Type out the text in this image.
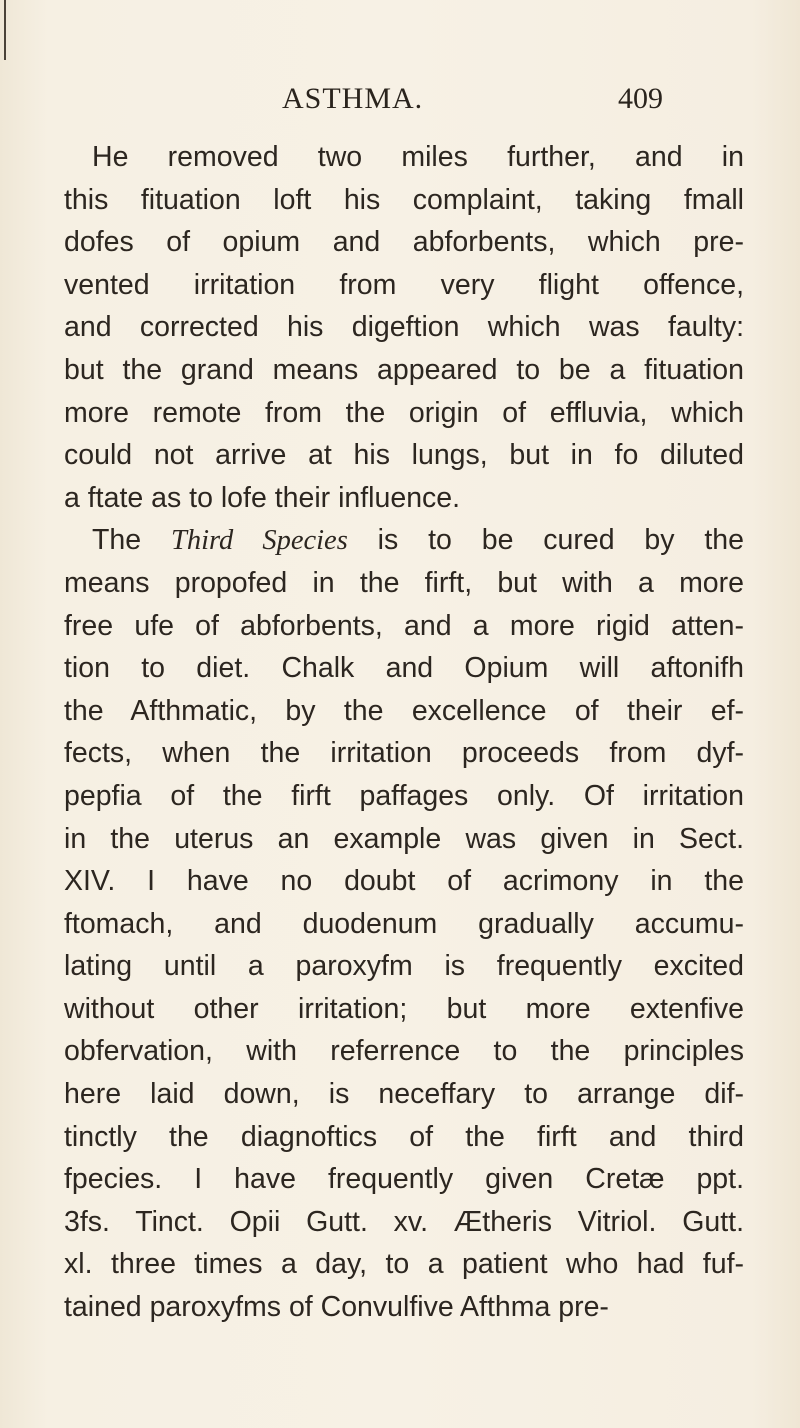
ASTHMA.	409
He removed two miles further, and in
this fituation loft his complaint, taking fmall
dofes of opium and abforbents, which pre-
vented irritation from very flight offence,
and corrected his digeftion which was faulty:
but the grand means appeared to be a fituation
more remote from the origin of effluvia, which
could not arrive at his lungs, but in fo diluted
a ftate as to lofe their influence.
The Third Species is to be cured by the
means propofed in the firft, but with a more
free ufe of abforbents, and a more rigid atten-
tion to diet. Chalk and Opium will aftonifh
the Afthmatic, by the excellence of their ef-
fects, when the irritation proceeds from dyf-
pepfia of the firft paffages only. Of irritation
in the uterus an example was given in Sect.
XIV. I have no doubt of acrimony in the
ftomach, and duodenum gradually accumu-
lating until a paroxyfm is frequently excited
without other irritation; but more extenfive
obfervation, with referrence to the principles
here laid down, is neceffary to arrange dif-
tinctly the diagnoftics of the firft and third
fpecies. I have frequently given Cretæ ppt.
3fs. Tinct. Opii Gutt. xv. Ætheris Vitriol. Gutt.
xl. three times a day, to a patient who had fuf-
tained paroxyfms of Convulfive Afthma pre-
